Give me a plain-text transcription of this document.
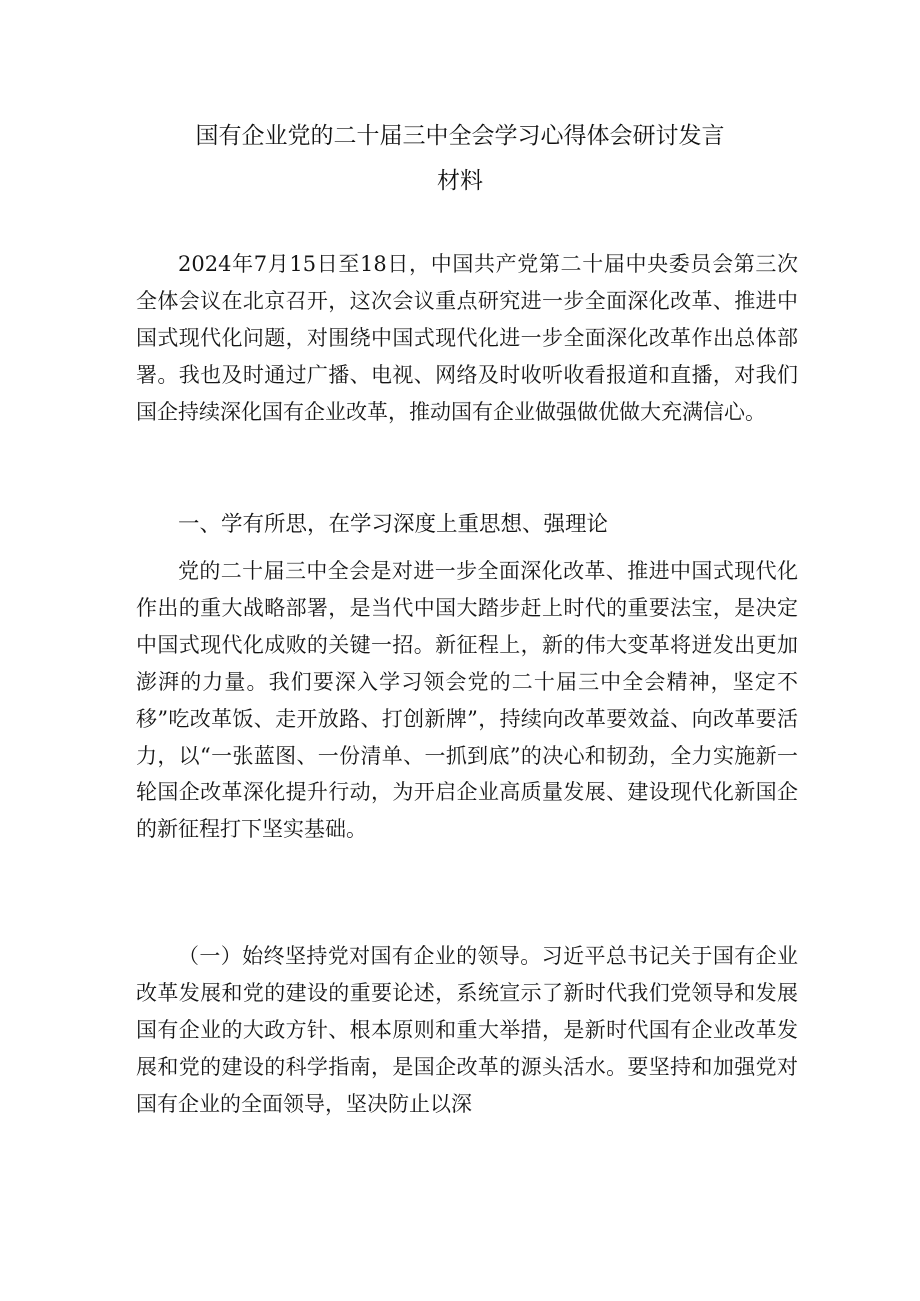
国有企业党的二十届三中全会学习心得体会研讨发言
材料

2024年7月15日至18日，中国共产党第二十届中央委员会第三次全体会议在北京召开，这次会议重点研究进一步全面深化改革、推进中国式现代化问题，对围绕中国式现代化进一步全面深化改革作出总体部署。我也及时通过广播、电视、网络及时收听收看报道和直播，对我们国企持续深化国有企业改革，推动国有企业做强做优做大充满信心。

一、学有所思，在学习深度上重思想、强理论

党的二十届三中全会是对进一步全面深化改革、推进中国式现代化作出的重大战略部署，是当代中国大踏步赶上时代的重要法宝，是决定中国式现代化成败的关键一招。新征程上，新的伟大变革将迸发出更加澎湃的力量。我们要深入学习领会党的二十届三中全会精神，坚定不移”吃改革饭、走开放路、打创新牌”，持续向改革要效益、向改革要活力，以“一张蓝图、一份清单、一抓到底”的决心和韧劲，全力实施新一轮国企改革深化提升行动，为开启企业高质量发展、建设现代化新国企的新征程打下坚实基础。

（一）始终坚持党对国有企业的领导。习近平总书记关于国有企业改革发展和党的建设的重要论述，系统宣示了新时代我们党领导和发展国有企业的大政方针、根本原则和重大举措，是新时代国有企业改革发展和党的建设的科学指南，是国企改革的源头活水。要坚持和加强党对国有企业的全面领导，坚决防止以深
